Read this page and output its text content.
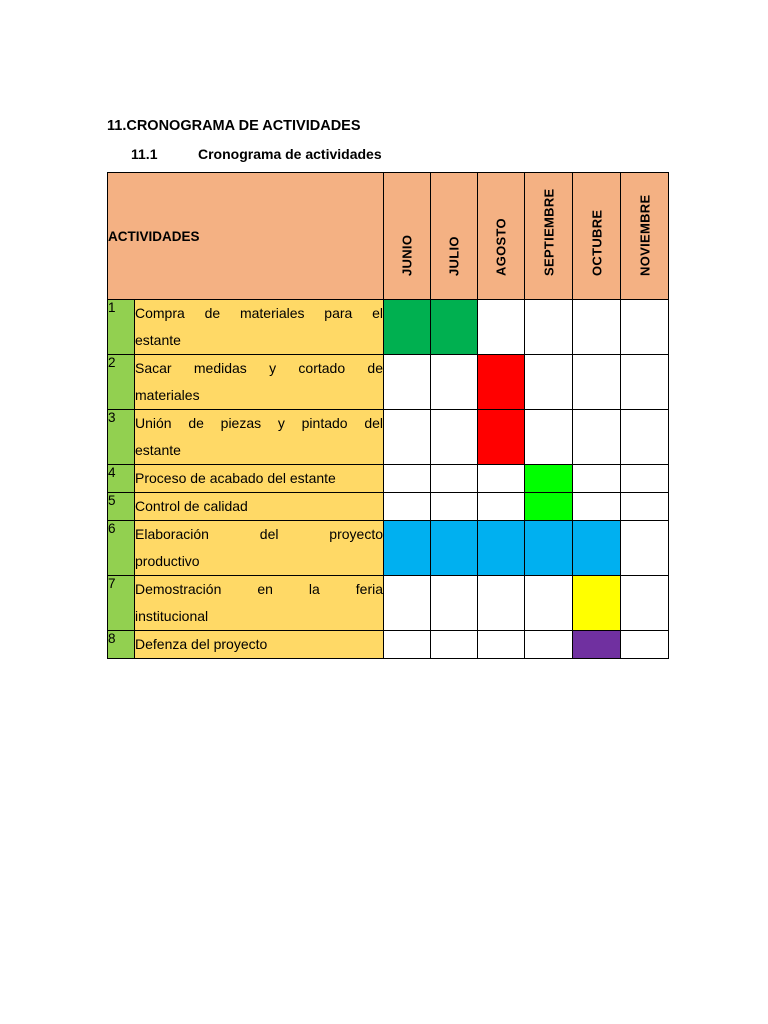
11.CRONOGRAMA DE ACTIVIDADES
11.1	Cronograma de actividades
ACTIVIDADES		JUNIO	JULIO	AGOSTO	SEPTIEMBRE	OCTUBRE	NOVIEMBRE

1	Compra de materiales para el
estante						

2	Sacar medidas y cortado de
materiales						

3	Unión de piezas y pintado del
estante						

4	Proceso de acabado del estante						
5	Control de calidad						
6	Elaboración del proyecto
productivo						

7	Demostración en la feria
institucional						

8	Defenza del proyecto						
